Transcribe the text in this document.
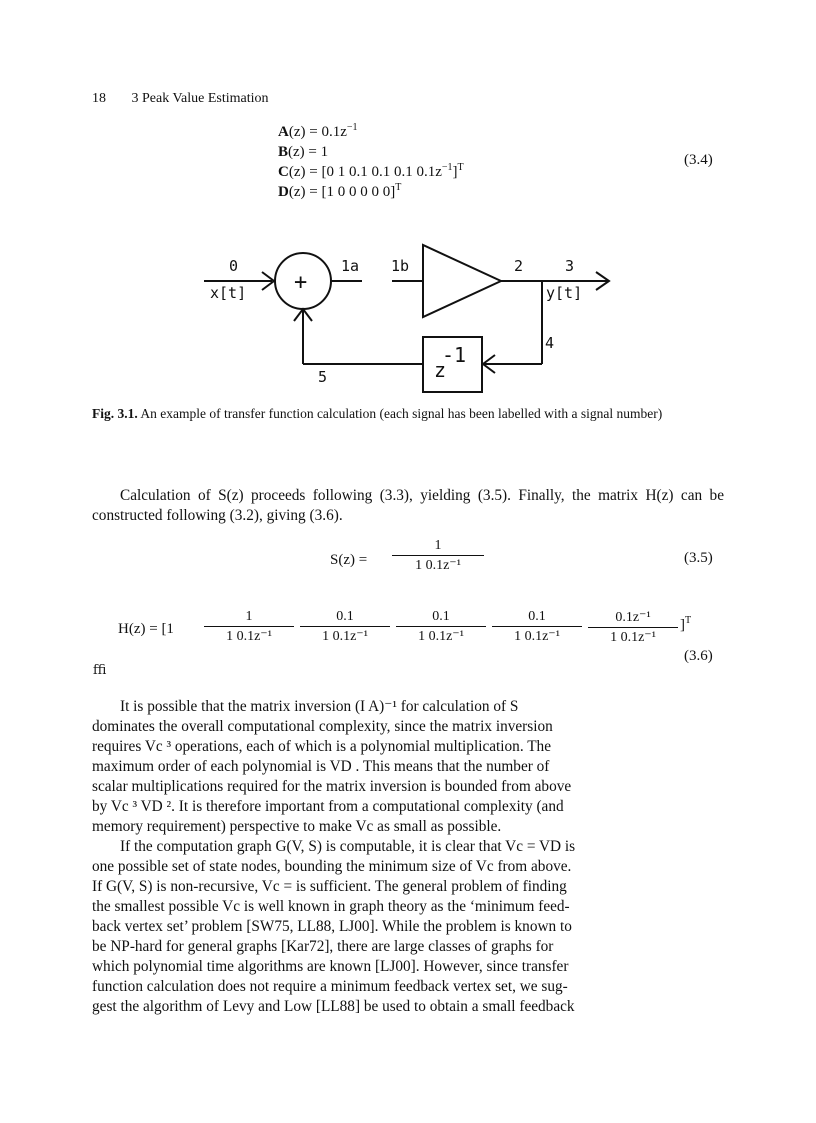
18 3 Peak Value Estimation
$A(z) = 0.1z^{-1}$
B(z) = 1
C(z) = [0 1 0.1 0.1 0.1 $0.1z^{-1}]^T$
D(z) = [1 0 0 0 0 0]$^T$
(3.4)
0
x[t]
1a 1b	2	3
y[t]
4
5
+
z
-1
Fig. 3.1. An example of transfer function calculation (each signal has been labelled with a signal number)
Calculation of S(z) proceeds following (3.3), yielding (3.5). Finally, the matrix H(z) can be constructed following (3.2), giving (3.6).
$S(z) = \frac{1}{\text{1 0.1z⁻¹}}$	(3.5)
$H(z) = [1 \frac{1}{\text{1 0.1z⁻¹}} \frac{0.1}{\text{1 0.1z⁻¹}} \frac{0.1}{\text{1 0.1z⁻¹}} \frac{0.1}{\text{1 0.1z⁻¹}} \frac{\text{0.1z⁻¹}}{\text{1 0.1z⁻¹}} ]^T$
(3.6)
ﬃ
It is possible that the matrix inversion (I A)⁻¹ for calculation of S
dominates the overall computational complexity, since the matrix inversion
requires Vc ³ operations, each of which is a polynomial multiplication. The
maximum order of each polynomial is VD . This means that the number of
scalar multiplications required for the matrix inversion is bounded from above
by Vc ³ VD ². It is therefore important from a computational complexity (and
memory requirement) perspective to make Vc as small as possible.
If the computation graph G(V, S) is computable, it is clear that Vc = VD is
one possible set of state nodes, bounding the minimum size of Vc from above.
If G(V, S) is non-recursive, Vc = is sufficient. The general problem of finding
the smallest possible Vc is well known in graph theory as the ‘minimum feed-
back vertex set’ problem [SW75, LL88, LJ00]. While the problem is known to
be NP-hard for general graphs [Kar72], there are large classes of graphs for
which polynomial time algorithms are known [LJ00]. However, since transfer
function calculation does not require a minimum feedback vertex set, we sug-
gest the algorithm of Levy and Low [LL88] be used to obtain a small feedback
